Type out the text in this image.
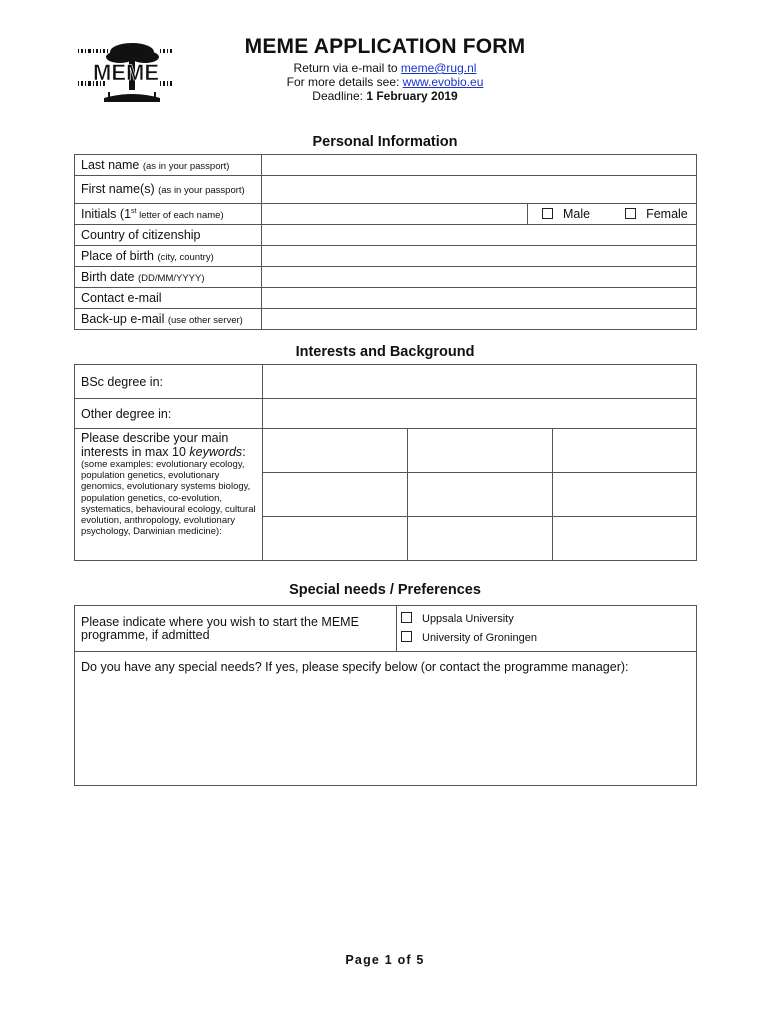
MEME
MEME APPLICATION FORM
Return via e-mail to meme@rug.nl
For more details see: www.evobio.eu
Deadline: 1 February 2019
Personal Information
Last name (as in your passport)		
First name(s) (as in your passport)		
Initials (1st letter of each name)		Male Female
Country of citizenship		
Place of birth (city, country)		
Birth date (DD/MM/YYYY)		
Contact e-mail		
Back-up e-mail (use other server)		
Interests and Background
BSc degree in:			
Other degree in:			

Please describe your main interests in max 10 keywords:
(some examples: evolutionary ecology, population genetics, evolutionary genomics, evolutionary systems biology, population genetics, co-evolution, systematics, behavioural ecology, cultural evolution, anthropology, evolutionary psychology, Darwinian medicine):			

Special needs / Preferences
Please indicate where you wish to start the MEME programme, if admitted	
Uppsala University
University of Groningen

Do you have any special needs? If yes, please specify below (or contact the programme manager):
Page 1 of 5
